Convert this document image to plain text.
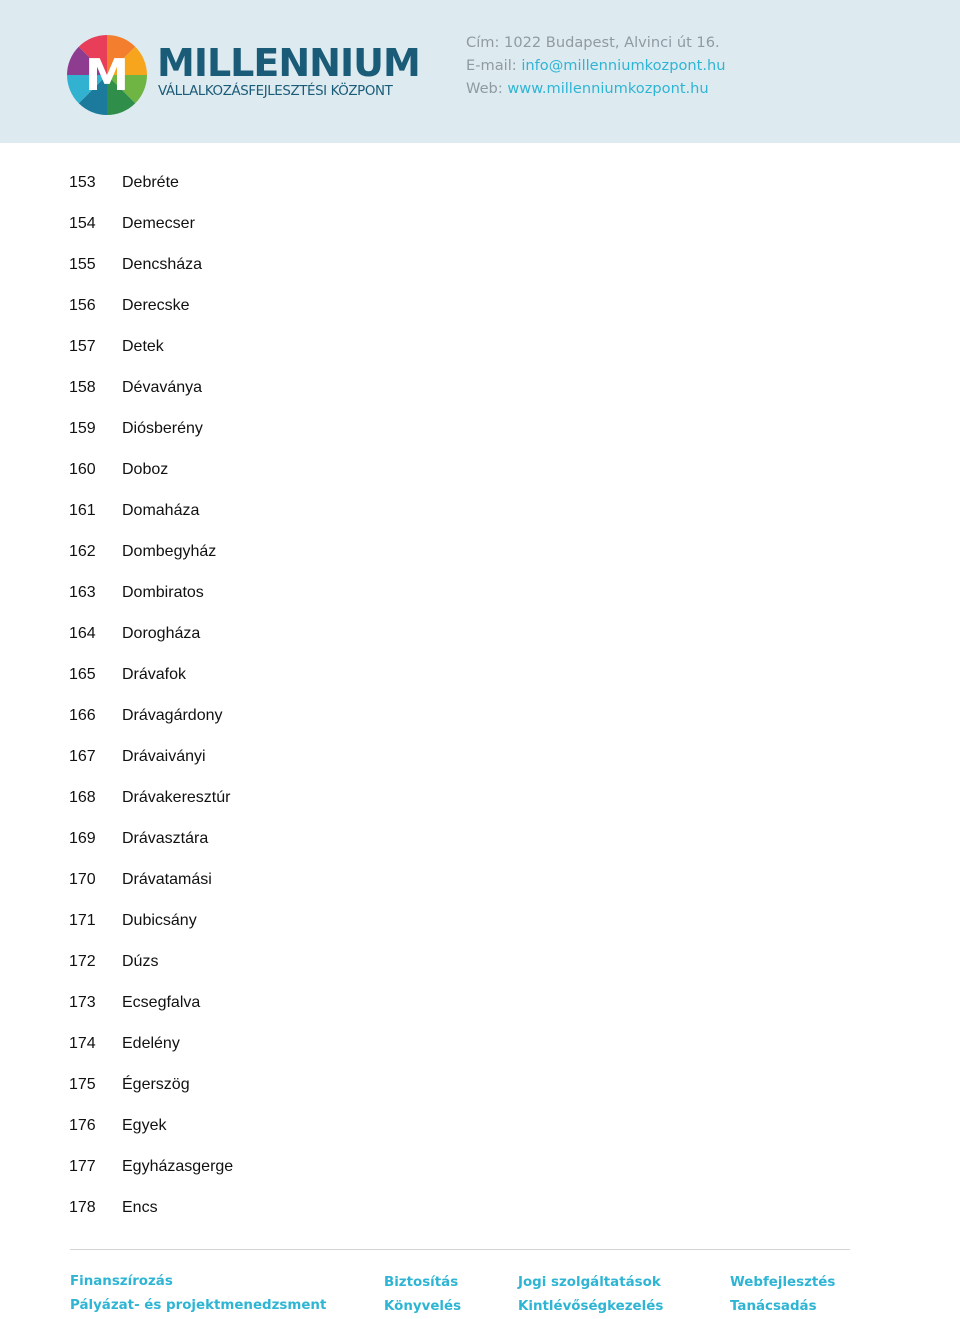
M MILLENNIUM
VÁLLALKOZÁSFEJLESZTÉSI KÖZPONT
Cím: 1022 Budapest, Alvinci út 16.
E-mail: info@millenniumkozpont.hu
Web: www.millenniumkozpont.hu
153	Debréte
154	Demecser
155	Dencsháza
156	Derecske
157	Detek
158	Dévaványa
159	Diósberény
160	Doboz
161	Domaháza
162	Dombegyház
163	Dombiratos
164	Dorogháza
165	Drávafok
166	Drávagárdony
167	Drávaiványi
168	Drávakeresztúr
169	Drávasztára
170	Drávatamási
171	Dubicsány
172	Dúzs
173	Ecsegfalva
174	Edelény
175	Égerszög
176	Egyek
177	Egyházasgerge
178	Encs
Finanszírozás
Pályázat- és projektmenedzsment
Biztosítás
Könyvelés
Jogi szolgáltatások
Kintlévőségkezelés
Webfejlesztés
Tanácsadás
